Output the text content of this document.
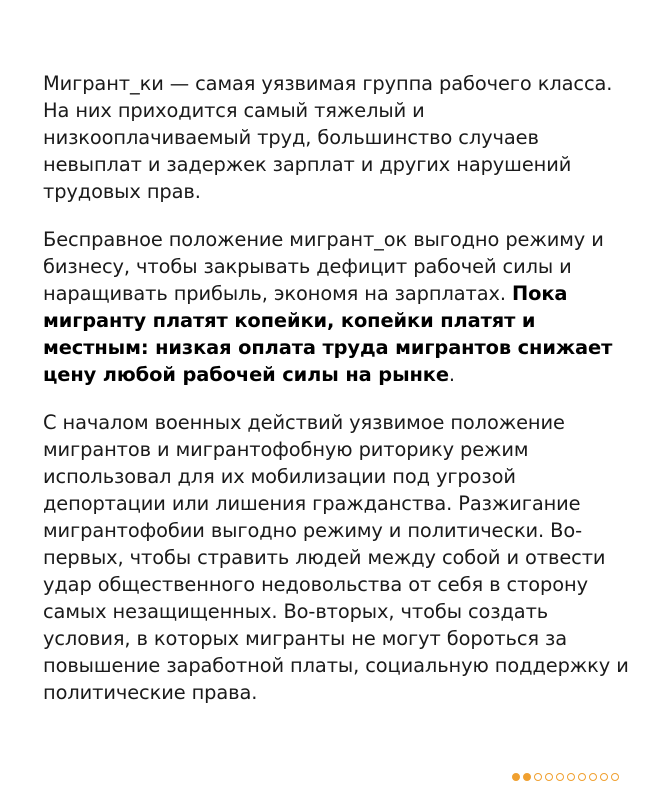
Мигрант_ки — самая уязвимая группа рабочего класса. На них приходится самый тяжелый и низкооплачиваемый труд, большинство случаев невыплат и задержек зарплат и других нарушений трудовых прав.

Бесправное положение мигрант_ок выгодно режиму и бизнесу, чтобы закрывать дефицит рабочей силы и наращивать прибыль, экономя на зарплатах. Пока мигранту платят копейки, копейки платят и местным: низкая оплата труда мигрантов снижает цену любой рабочей силы на рынке.

С началом военных действий уязвимое положение мигрантов и мигрантофобную риторику режим использовал для их мобилизации под угрозой депортации или лишения гражданства. Разжигание мигрантофобии выгодно режиму и политически. Во-первых, чтобы стравить людей между собой и отвести удар общественного недовольства от себя в сторону самых незащищенных. Во-вторых, чтобы создать условия, в которых мигранты не могут бороться за повышение заработной платы, социальную поддержку и политические права.
